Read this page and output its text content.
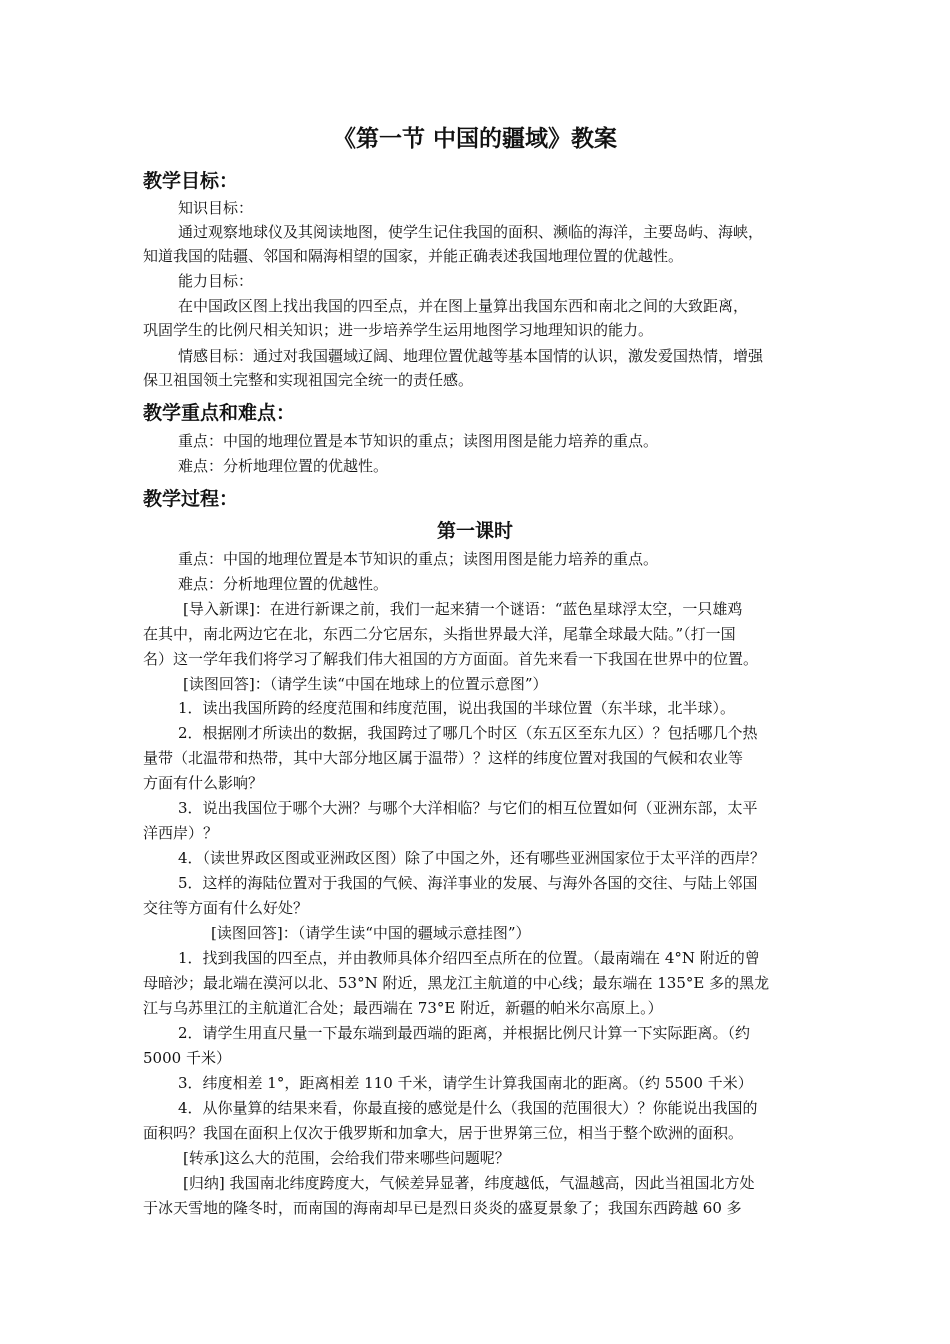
《第一节 中国的疆域》教案
教学目标：
知识目标：
通过观察地球仪及其阅读地图，使学生记住我国的面积、濒临的海洋，主要岛屿、海峡，
知道我国的陆疆、邻国和隔海相望的国家，并能正确表述我国地理位置的优越性。
能力目标：
在中国政区图上找出我国的四至点，并在图上量算出我国东西和南北之间的大致距离，
巩固学生的比例尺相关知识；进一步培养学生运用地图学习地理知识的能力。
情感目标：通过对我国疆域辽阔、地理位置优越等基本国情的认识，激发爱国热情，增强
保卫祖国领土完整和实现祖国完全统一的责任感。
教学重点和难点：
重点：中国的地理位置是本节知识的重点；读图用图是能力培养的重点。
难点：分析地理位置的优越性。
教学过程：
第一课时
重点：中国的地理位置是本节知识的重点；读图用图是能力培养的重点。
难点：分析地理位置的优越性。
[导入新课]：在进行新课之前，我们一起来猜一个谜语：“蓝色星球浮太空，一只雄鸡
在其中，南北两边它在北，东西二分它居东，头指世界最大洋，尾靠全球最大陆。”（打一国
名）这一学年我们将学习了解我们伟大祖国的方方面面。首先来看一下我国在世界中的位置。
[读图回答]：（请学生读“中国在地球上的位置示意图”）
1．读出我国所跨的经度范围和纬度范围，说出我国的半球位置（东半球，北半球）。
2．根据刚才所读出的数据，我国跨过了哪几个时区（东五区至东九区）？包括哪几个热
量带（北温带和热带，其中大部分地区属于温带）？这样的纬度位置对我国的气候和农业等
方面有什么影响？
3．说出我国位于哪个大洲？与哪个大洋相临？与它们的相互位置如何（亚洲东部，太平
洋西岸）？
4．（读世界政区图或亚洲政区图）除了中国之外，还有哪些亚洲国家位于太平洋的西岸？
5．这样的海陆位置对于我国的气候、海洋事业的发展、与海外各国的交往、与陆上邻国
交往等方面有什么好处？
[读图回答]：（请学生读“中国的疆域示意挂图”）
1．找到我国的四至点，并由教师具体介绍四至点所在的位置。（最南端在 4°N 附近的曾
母暗沙；最北端在漠河以北、53°N 附近，黑龙江主航道的中心线；最东端在 135°E 多的黑龙
江与乌苏里江的主航道汇合处；最西端在 73°E 附近，新疆的帕米尔高原上。）
2．请学生用直尺量一下最东端到最西端的距离，并根据比例尺计算一下实际距离。（约
5000 千米）
3．纬度相差 1°，距离相差 110 千米，请学生计算我国南北的距离。（约 5500 千米）
4．从你量算的结果来看，你最直接的感觉是什么（我国的范围很大）？你能说出我国的
面积吗？我国在面积上仅次于俄罗斯和加拿大，居于世界第三位，相当于整个欧洲的面积。
[转承]这么大的范围，会给我们带来哪些问题呢？
[归纳] 我国南北纬度跨度大，气候差异显著，纬度越低，气温越高，因此当祖国北方处
于冰天雪地的隆冬时，而南国的海南却早已是烈日炎炎的盛夏景象了；我国东西跨越 60 多
